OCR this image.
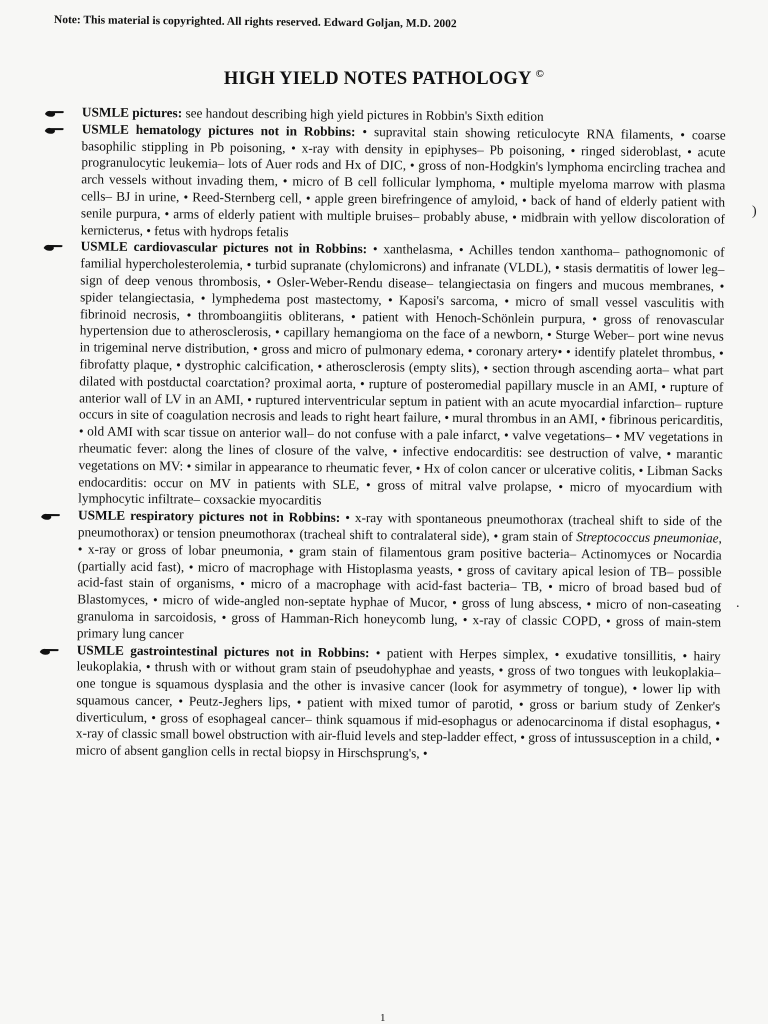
Note: This material is copyrighted. All rights reserved. Edward Goljan, M.D. 2002
HIGH YIELD NOTES PATHOLOGY ©

USMLE pictures: see handout describing high yield pictures in Robbin's Sixth edition

USMLE hematology pictures not in Robbins: • supravital stain showing reticulocyte RNA filaments, • coarse basophilic stippling in Pb poisoning, • x-ray with density in epiphyses– Pb poisoning, • ringed sideroblast, • acute progranulocytic leukemia– lots of Auer rods and Hx of DIC, • gross of non-Hodgkin's lymphoma encircling trachea and arch vessels without invading them, • micro of B cell follicular lymphoma, • multiple myeloma marrow with plasma cells– BJ in urine, • Reed-Sternberg cell, • apple green birefringence of amyloid, • back of hand of elderly patient with senile purpura, • arms of elderly patient with multiple bruises– probably abuse, • midbrain with yellow discoloration of kernicterus, • fetus with hydrops fetalis

USMLE cardiovascular pictures not in Robbins: • xanthelasma, • Achilles tendon xanthoma– pathognomonic of familial hypercholesterolemia, • turbid supranate (chylomicrons) and infranate (VLDL), • stasis dermatitis of lower leg– sign of deep venous thrombosis, • Osler-Weber-Rendu disease– telangiectasia on fingers and mucous membranes, • spider telangiectasia, • lymphedema post mastectomy, • Kaposi's sarcoma, • micro of small vessel vasculitis with fibrinoid necrosis, • thromboangiitis obliterans, • patient with Henoch-Schönlein purpura, • gross of renovascular hypertension due to atherosclerosis, • capillary hemangioma on the face of a newborn, • Sturge Weber– port wine nevus in trigeminal nerve distribution, • gross and micro of pulmonary edema, • coronary artery• • identify platelet thrombus, • fibrofatty plaque, • dystrophic calcification, • atherosclerosis (empty slits), • section through ascending aorta– what part dilated with postductal coarctation? proximal aorta, • rupture of posteromedial papillary muscle in an AMI, • rupture of anterior wall of LV in an AMI, • ruptured interventricular septum in patient with an acute myocardial infarction– rupture occurs in site of coagulation necrosis and leads to right heart failure, • mural thrombus in an AMI, • fibrinous pericarditis, • old AMI with scar tissue on anterior wall– do not confuse with a pale infarct, • valve vegetations– • MV vegetations in rheumatic fever: along the lines of closure of the valve, • infective endocarditis: see destruction of valve, • marantic vegetations on MV: • similar in appearance to rheumatic fever, • Hx of colon cancer or ulcerative colitis, • Libman Sacks endocarditis: occur on MV in patients with SLE, • gross of mitral valve prolapse, • micro of myocardium with lymphocytic infiltrate– coxsackie myocarditis

USMLE respiratory pictures not in Robbins: • x-ray with spontaneous pneumothorax (tracheal shift to side of the pneumothorax) or tension pneumothorax (tracheal shift to contralateral side), • gram stain of Streptococcus pneumoniae, • x-ray or gross of lobar pneumonia, • gram stain of filamentous gram positive bacteria– Actinomyces or Nocardia (partially acid fast), • micro of macrophage with Histoplasma yeasts, • gross of cavitary apical lesion of TB– possible acid-fast stain of organisms, • micro of a macrophage with acid-fast bacteria– TB, • micro of broad based bud of Blastomyces, • micro of wide-angled non-septate hyphae of Mucor, • gross of lung abscess, • micro of non-caseating granuloma in sarcoidosis, • gross of Hamman-Rich honeycomb lung, • x-ray of classic COPD, • gross of main-stem primary lung cancer

USMLE gastrointestinal pictures not in Robbins: • patient with Herpes simplex, • exudative tonsillitis, • hairy leukoplakia, • thrush with or without gram stain of pseudohyphae and yeasts, • gross of two tongues with leukoplakia– one tongue is squamous dysplasia and the other is invasive cancer (look for asymmetry of tongue), • lower lip with squamous cancer, • Peutz-Jeghers lips, • patient with mixed tumor of parotid, • gross or barium study of Zenker's diverticulum, • gross of esophageal cancer– think squamous if mid-esophagus or adenocarcinoma if distal esophagus, • x-ray of classic small bowel obstruction with air-fluid levels and step-ladder effect, • gross of intussusception in a child, • micro of absent ganglion cells in rectal biopsy in Hirschsprung's, •

)
.
1
